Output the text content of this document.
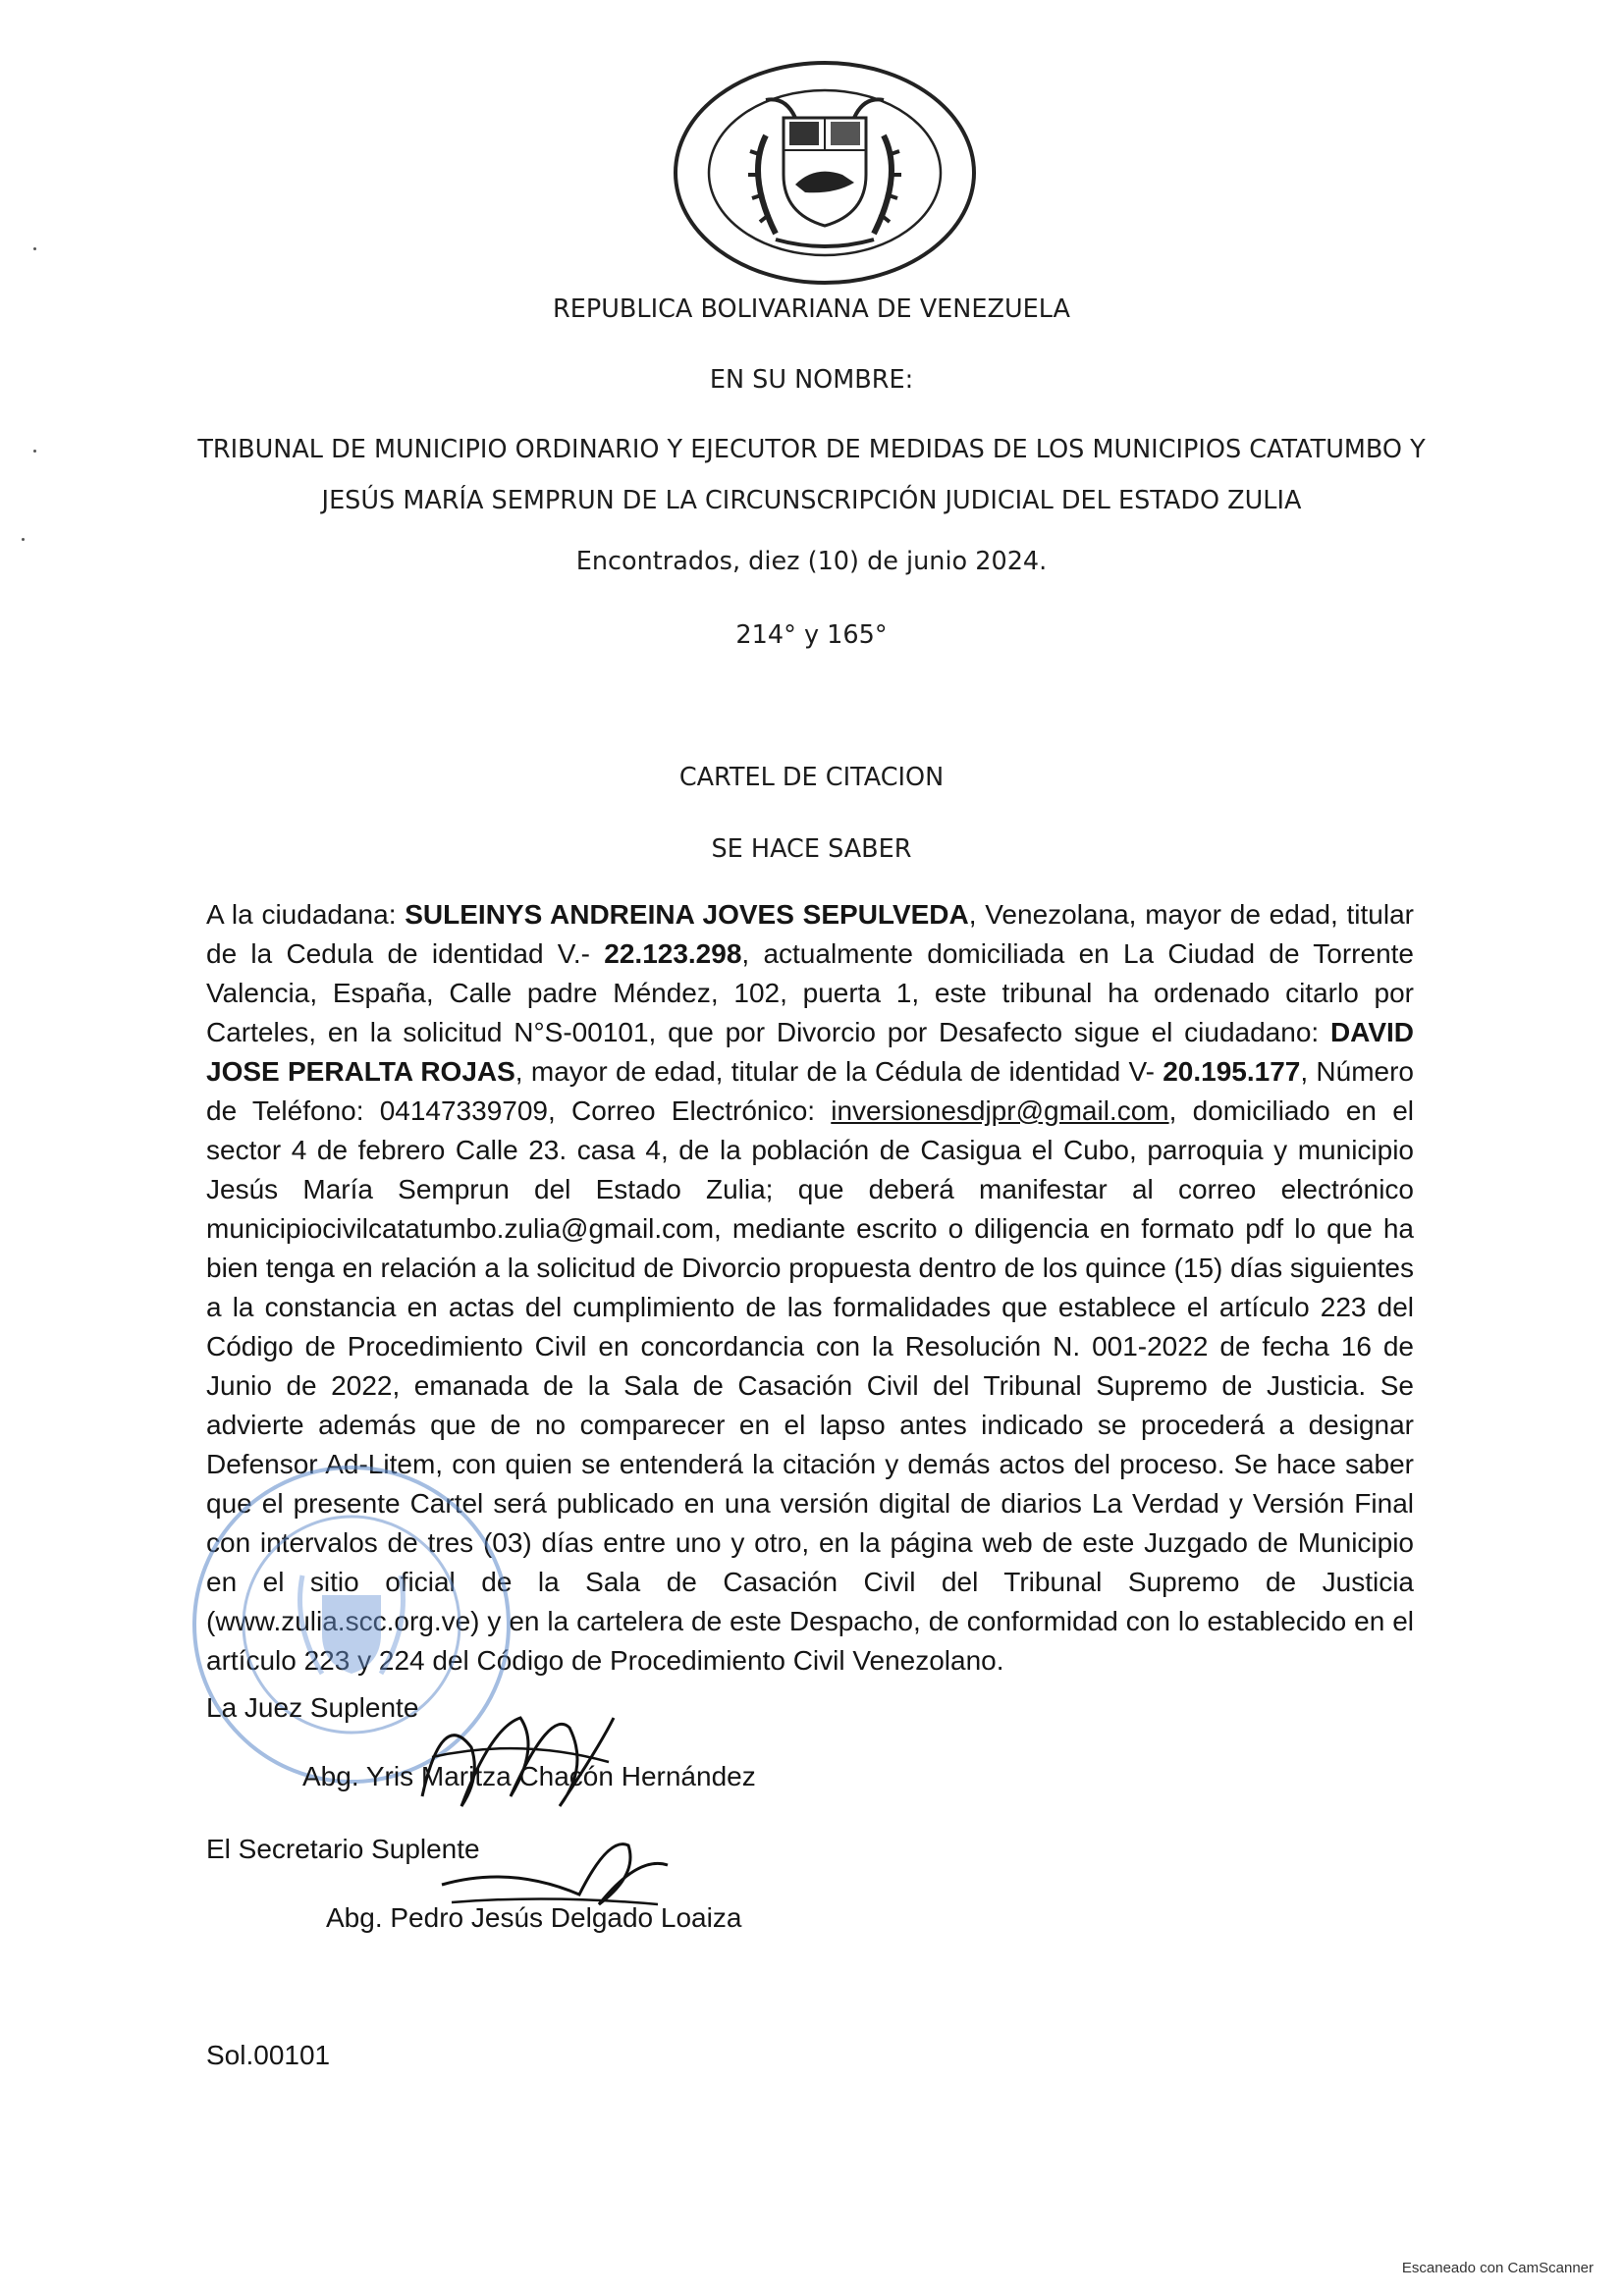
REPUBLICA BOLIVARIANA DE VENEZUELA
EN SU NOMBRE:
TRIBUNAL DE MUNICIPIO ORDINARIO Y EJECUTOR DE MEDIDAS DE LOS MUNICIPIOS CATATUMBO Y
JESÚS MARÍA SEMPRUN DE LA CIRCUNSCRIPCIÓN JUDICIAL DEL ESTADO ZULIA
Encontrados, diez (10) de junio 2024.
214° y 165°
CARTEL DE CITACION
SE HACE SABER
A la ciudadana: SULEINYS ANDREINA JOVES SEPULVEDA, Venezolana, mayor de edad, titular de la Cedula de identidad V.- 22.123.298, actualmente domiciliada en La Ciudad de Torrente Valencia, España, Calle padre Méndez, 102, puerta 1, este tribunal ha ordenado citarlo por Carteles, en la solicitud N°S-00101, que por Divorcio por Desafecto sigue el ciudadano: DAVID JOSE PERALTA ROJAS, mayor de edad, titular de la Cédula de identidad V- 20.195.177, Número de Teléfono: 04147339709, Correo Electrónico: inversionesdjpr@gmail.com, domiciliado en el sector 4 de febrero Calle 23. casa 4, de la población de Casigua el Cubo, parroquia y municipio Jesús María Semprun del Estado Zulia; que deberá manifestar al correo electrónico municipiocivilcatatumbo.zulia@gmail.com, mediante escrito o diligencia en formato pdf lo que ha bien tenga en relación a la solicitud de Divorcio propuesta dentro de los quince (15) días siguientes a la constancia en actas del cumplimiento de las formalidades que establece el artículo 223 del Código de Procedimiento Civil en concordancia con la Resolución N. 001-2022 de fecha 16 de Junio de 2022, emanada de la Sala de Casación Civil del Tribunal Supremo de Justicia. Se advierte además que de no comparecer en el lapso antes indicado se procederá a designar Defensor Ad-Litem, con quien se entenderá la citación y demás actos del proceso. Se hace saber que el presente Cartel será publicado en una versión digital de diarios La Verdad y Versión Final con intervalos de tres (03) días entre uno y otro, en la página web de este Juzgado de Municipio en el sitio oficial de la Sala de Casación Civil del Tribunal Supremo de Justicia (www.zulia.scc.org.ve) y en la cartelera de este Despacho, de conformidad con lo establecido en el artículo 223 y 224 del Código de Procedimiento Civil Venezolano.
La Juez Suplente
Abg. Yris Maritza Chacón Hernández
El Secretario Suplente
Abg. Pedro Jesús Delgado Loaiza
Sol.00101
Escaneado con CamScanner
